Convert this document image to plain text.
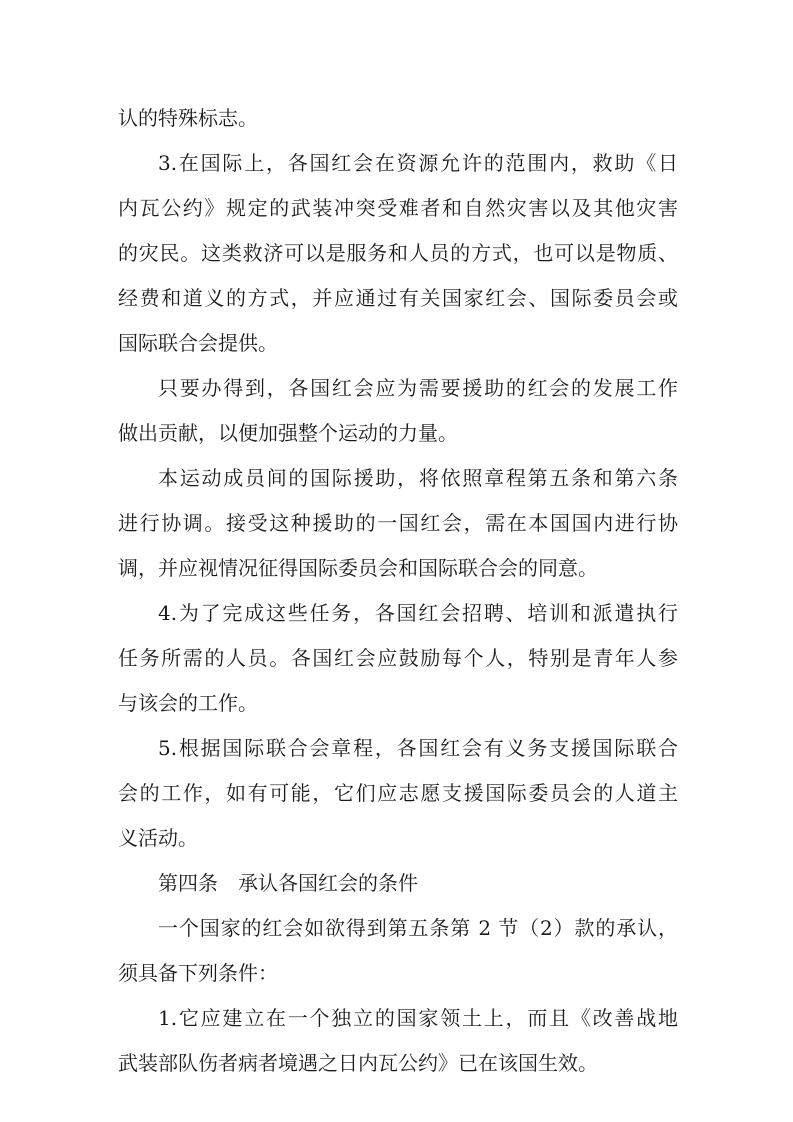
认的特殊标志。
3.在国际上，各国红会在资源允许的范围内，救助《日
内瓦公约》规定的武装冲突受难者和自然灾害以及其他灾害
的灾民。这类救济可以是服务和人员的方式，也可以是物质、
经费和道义的方式，并应通过有关国家红会、国际委员会或
国际联合会提供。
只要办得到，各国红会应为需要援助的红会的发展工作
做出贡献，以便加强整个运动的力量。
本运动成员间的国际援助，将依照章程第五条和第六条
进行协调。接受这种援助的一国红会，需在本国国内进行协
调，并应视情况征得国际委员会和国际联合会的同意。
4.为了完成这些任务，各国红会招聘、培训和派遣执行
任务所需的人员。各国红会应鼓励每个人，特别是青年人参
与该会的工作。
5.根据国际联合会章程，各国红会有义务支援国际联合
会的工作，如有可能，它们应志愿支援国际委员会的人道主
义活动。
第四条　承认各国红会的条件
一个国家的红会如欲得到第五条第 2 节（2）款的承认，
须具备下列条件：
1.它应建立在一个独立的国家领土上，而且《改善战地
武装部队伤者病者境遇之日内瓦公约》已在该国生效。
